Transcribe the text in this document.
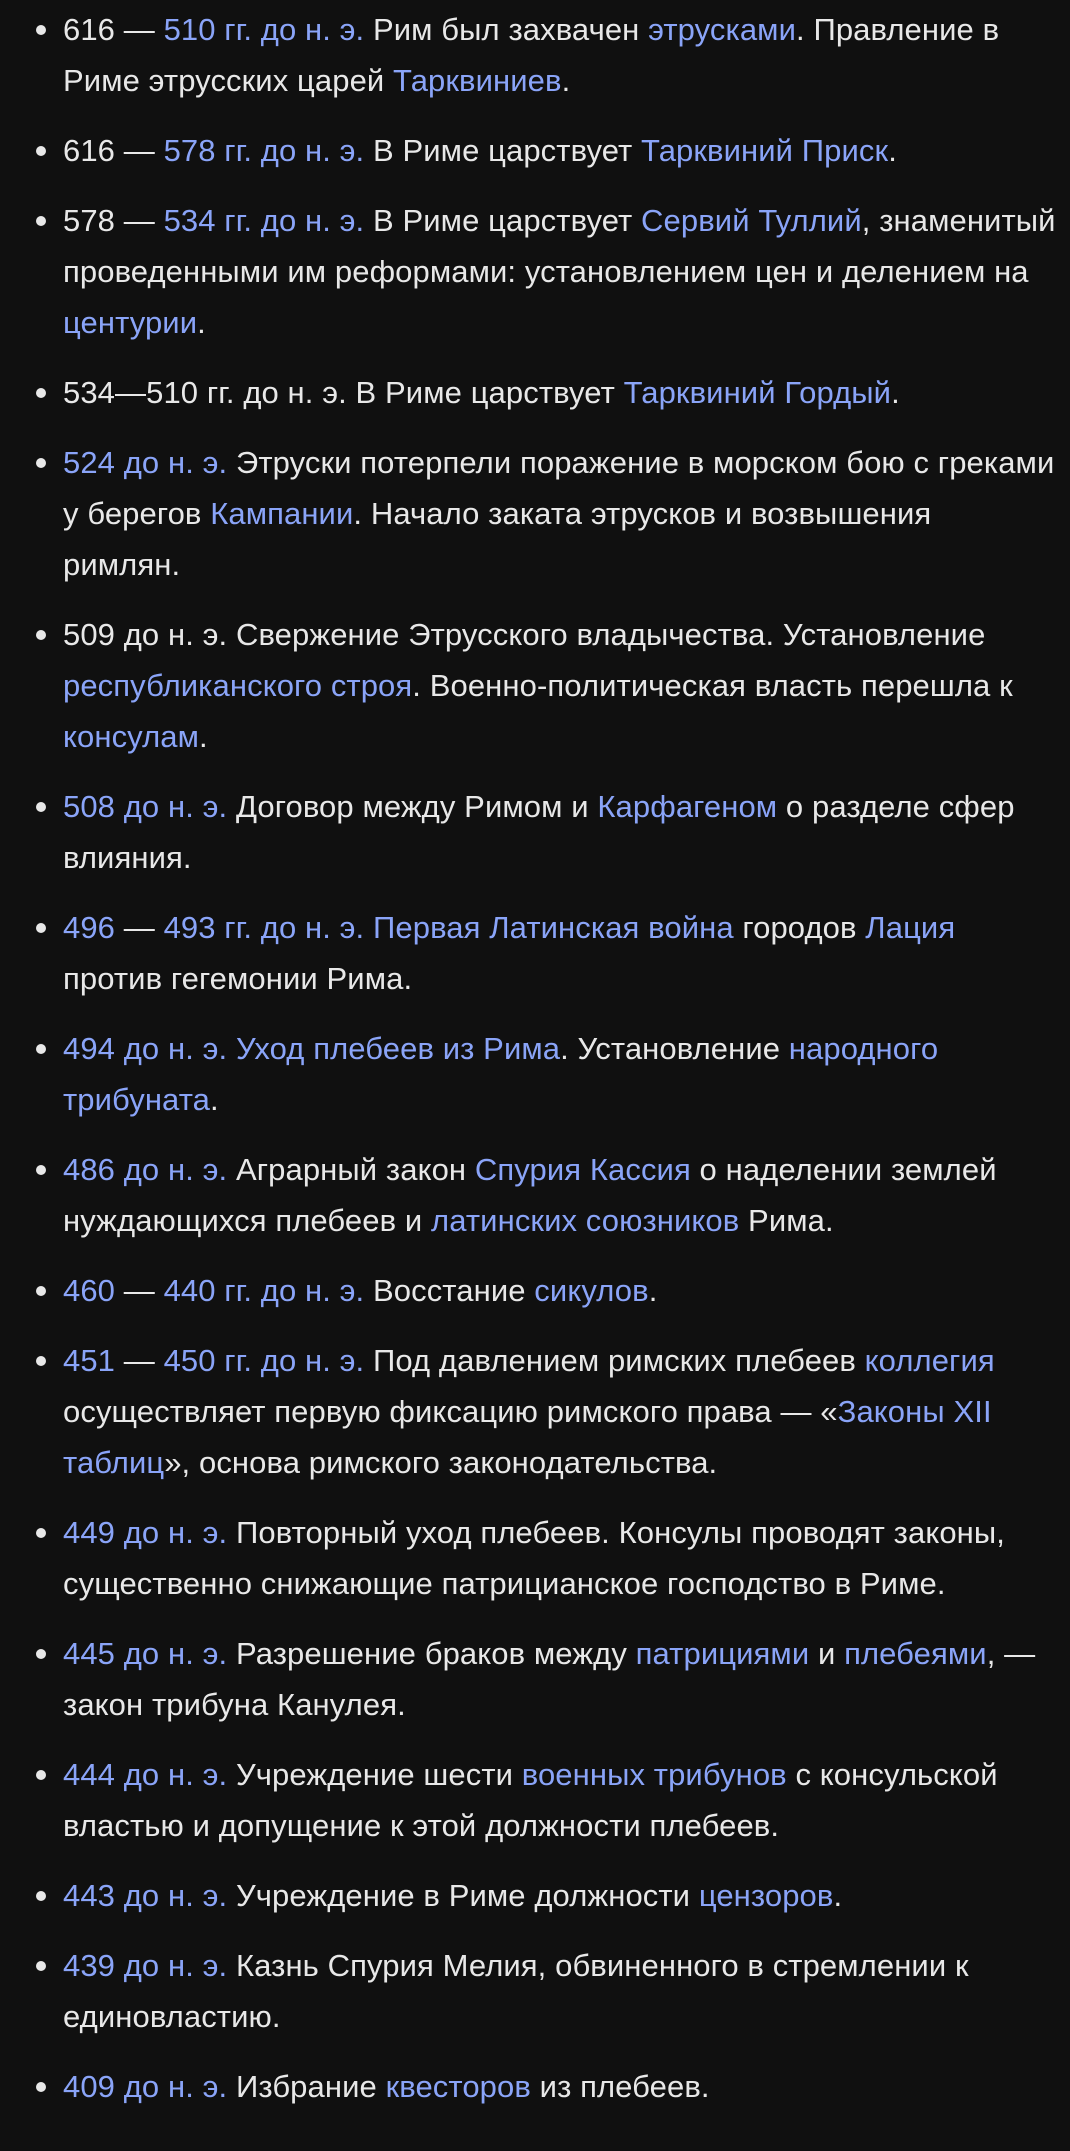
616 — 510 гг. до н. э. Рим был захвачен этрусками. Правление в Риме этрусских царей Тарквиниев.
616 — 578 гг. до н. э. В Риме царствует Тарквиний Приск.
578 — 534 гг. до н. э. В Риме царствует Сервий Туллий, знаменитый проведенными им реформами: установлением цен и делением на центурии.
534—510 гг. до н. э. В Риме царствует Тарквиний Гордый.
524 до н. э. Этруски потерпели поражение в морском бою с греками у берегов Кампании. Начало заката этрусков и возвышения римлян.
509 до н. э. Свержение Этрусского владычества. Установление республиканского строя. Военно-политическая власть перешла к консулам.
508 до н. э. Договор между Римом и Карфагеном о разделе сфер влияния.
496 — 493 гг. до н. э. Первая Латинская война городов Лация против гегемонии Рима.
494 до н. э. Уход плебеев из Рима. Установление народного трибуната.
486 до н. э. Аграрный закон Спурия Кассия о наделении землей нуждающихся плебеев и латинских союзников Рима.
460 — 440 гг. до н. э. Восстание сикулов.
451 — 450 гг. до н. э. Под давлением римских плебеев коллегия осуществляет первую фиксацию римского права — «Законы XII таблиц», основа римского законодательства.
449 до н. э. Повторный уход плебеев. Консулы проводят законы, существенно снижающие патрицианское господство в Риме.
445 до н. э. Разрешение браков между патрициями и плебеями, — закон трибуна Канулея.
444 до н. э. Учреждение шести военных трибунов с консульской властью и допущение к этой должности плебеев.
443 до н. э. Учреждение в Риме должности цензоров.
439 до н. э. Казнь Спурия Мелия, обвиненного в стремлении к единовластию.
409 до н. э. Избрание квесторов из плебеев.
